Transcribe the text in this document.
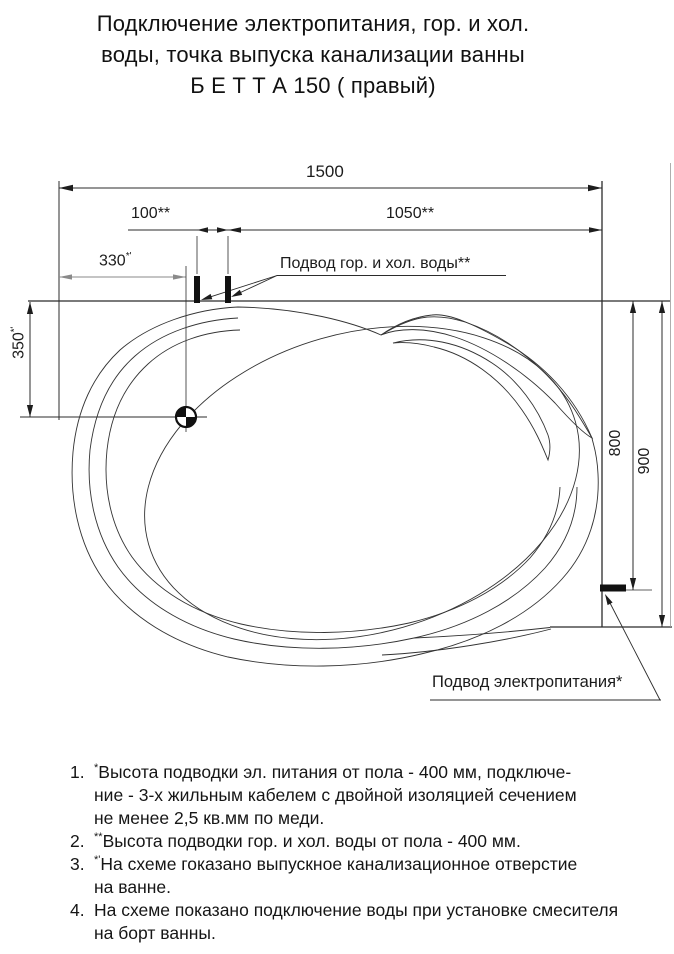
Подключение электропитания, гор. и хол.
воды, точка выпуска канализации ванны
Б Е Т Т А 150 ( правый)
1500
100**	1050**
330*'
350*'
800
900
Подвод гор. и хол. воды**
Подвод электропитания*
1. *Высота подводки эл. питания от пола - 400 мм, подключе-
ние - 3-х жильным кабелем с двойной изоляцией сечением
не менее 2,5 кв.мм по меди.
2. **Высота подводки гор. и хол. воды от пола - 400 мм.
3. *'На схеме гоказано выпускное канализационное отверстие
на ванне.
4. На схеме показано подключение воды при установке смесителя
на борт ванны.
